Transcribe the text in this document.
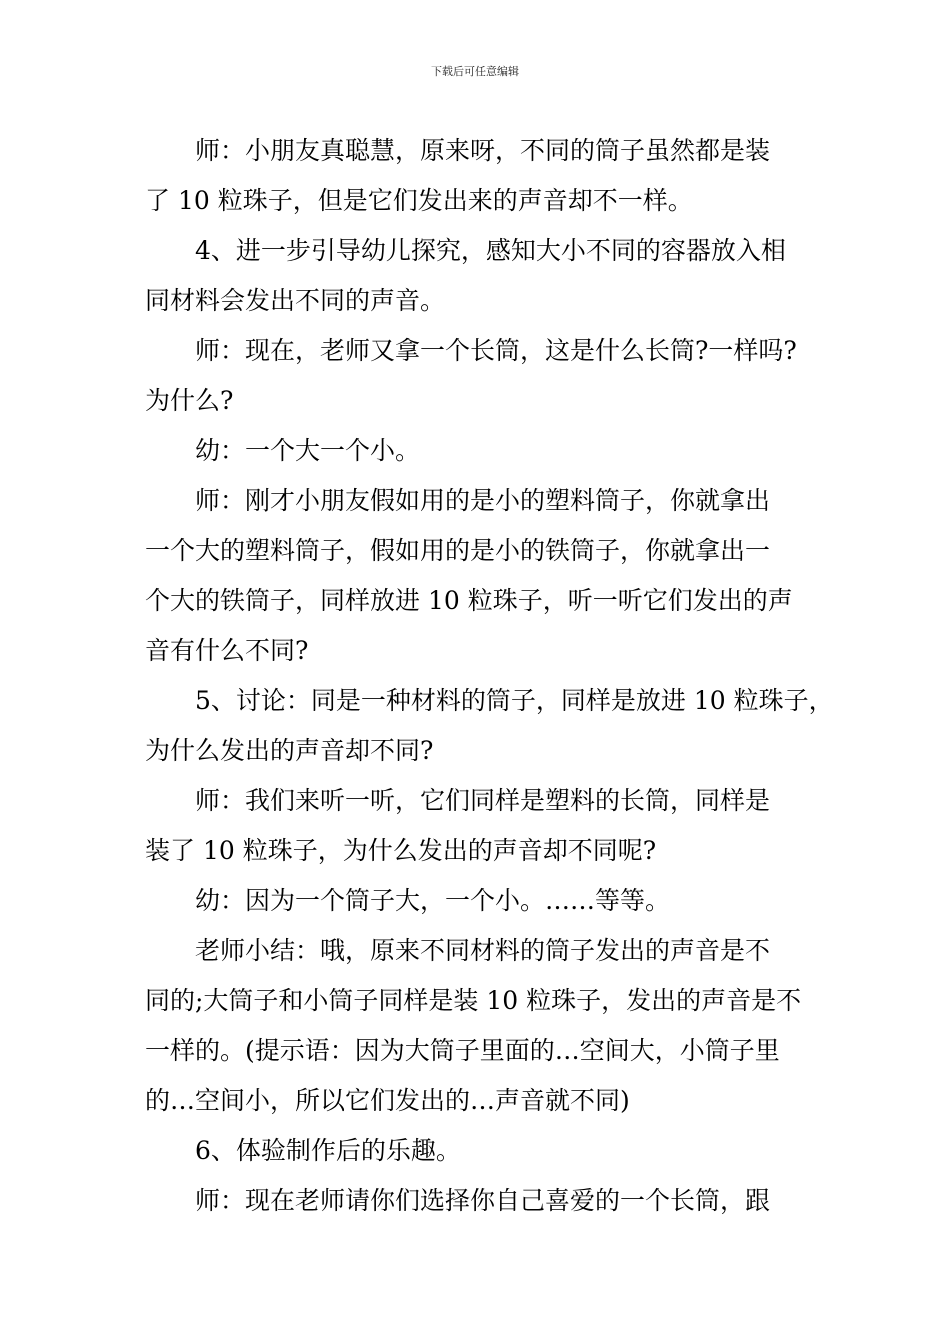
下载后可任意编辑
　　师：小朋友真聪慧，原来呀，不同的筒子虽然都是装
了 10 粒珠子，但是它们发出来的声音却不一样。
　　4、进一步引导幼儿探究，感知大小不同的容器放入相
同材料会发出不同的声音。
　　师：现在，老师又拿一个长筒，这是什么长筒?一样吗?
为什么?
　　幼：一个大一个小。
　　师：刚才小朋友假如用的是小的塑料筒子，你就拿出
一个大的塑料筒子，假如用的是小的铁筒子，你就拿出一
个大的铁筒子，同样放进 10 粒珠子，听一听它们发出的声
音有什么不同?
　　5、讨论：同是一种材料的筒子，同样是放进 10 粒珠子，
为什么发出的声音却不同?
　　师：我们来听一听，它们同样是塑料的长筒，同样是
装了 10 粒珠子，为什么发出的声音却不同呢?
　　幼：因为一个筒子大，一个小。……等等。
　　老师小结：哦，原来不同材料的筒子发出的声音是不
同的;大筒子和小筒子同样是装 10 粒珠子，发出的声音是不
一样的。(提示语：因为大筒子里面的…空间大，小筒子里
的…空间小，所以它们发出的…声音就不同)
　　6、体验制作后的乐趣。
　　师：现在老师请你们选择你自己喜爱的一个长筒，跟
